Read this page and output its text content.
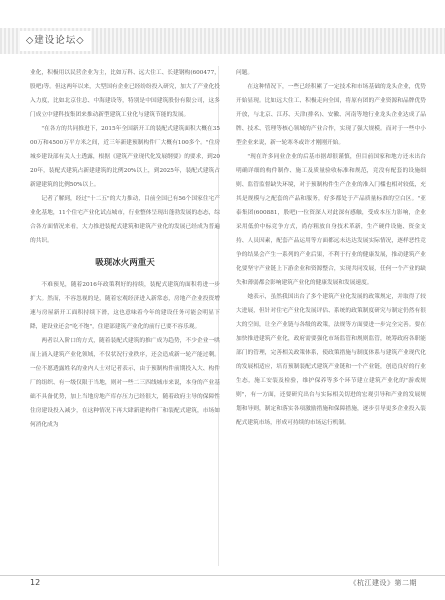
◇建设论坛◇

业化，积极用以民营企业为主，比如万科、远大住工、长建钢构(600477，股吧)等。但这两年以来，大型国有企业已经纷纷投入研究，加大了产业化投入力度，比如北京住总、中海建设等，特别是中国建筑股份有限公司，这多门成立中建科技集团来推动新型建筑工业化与建筑节能的发展。

"在各方的共同推进下，2015年全国新开工的装配式建筑面积大概在3500万和4500万平方米之间，近三年新建预制构件厂大概有100多个。"住房城乡建设部有关人士透露，根据《建筑产业现代化发展纲要》的要求，到2020年，装配式建筑占新建建筑的比例20%以上，到2025年，装配式建筑占新建建筑的比例50%以上。

记者了解到，经过"十二五"的大力推动，目前全国已有56个国家住宅产业化基地，11个住宅产业化试点城市，行业整体呈现出蓬勃发展的态态，综合各方面情况来看，大力推进装配式建筑和建筑产业化的发展已经成为普遍的共识。

吸现冰火两重天

不难预见，随着2016年政策利好的持续，装配式建筑的面积将进一步扩大。然而，不容忽视的是，随着宏观经济进入新常态，房地产企业投资增速与房屋新开工面积持续下滑，这也意味着今年的建设任务可能会明显下降，建设业还会"吃不饱"，住建部建筑产业化的前行已要不容乐观。

两者以入阶口的方式，随着装配式建筑的推广成为趋势，不少企业一哄而上涌入建筑产业化领域，不仅状况行业秩序，还会造成新一轮产能过剩。一位不愿透露姓名的业内人士对记者表示，由于预制构件前期投入大、构件厂的组织、有一级仅限于当地，则对一些二三四线城市来说，本身的产业基础不具备优势，加上当地房地产库存压力已经很大，随着政府主导的保障性住房建设投入减少，在这种情况下再大肆新建构件厂和装配式建筑，市场如何消化成为

问题。

在这种情况下，一些已经积累了一定技术和市场基础的龙头企业，优势开始显现。比如远大住工、积极走向全国，将原有团的产业资源和品牌优势开放，与北京、江苏、天津(排名)、安徽、河南等地行业龙头企业达成了品牌、技术、管理等核心领域的产业合作，实现了强大规模。而对于一些中小型企业来说，新一轮寒冬或许才刚刚开始。

"现在许多同业企业的后基市据却很谨慎，但目前国家和地方还未出台明确详细的构件制作、施工及质量验收标准和规范，竞没有配套的设施细则、监管监督缺失环境，对于预制构件生产企业的准入门槛也相对较低，充其是规模与之配套的产品和服务，好多都处于产品质量标准的空白区。"亚泰集团(600881，股吧)一位资深人对此深有感触，受成本压力影响，企业采用低价中标竞争方式，尚存粗放自身技术革新，生产硬件设施、资金支持、人员因素，配套产品运用等方面都远未达达发展实际情况，逐样恶性竞争的结果会产生一系列的产业后果，不利于行业的健康发展，推动建筑产业化要坚守产业链上下游企业和资源整合，实现共同发展，任何一个产业的缺失和薄弱都会影响建筑产业化的健康发展和发展速度。

她表示，虽然我国出台了多个建筑产业化发展的政策规定，并取得了较大进展，但针对住宅产业化发展评估、系统的政策制度研究与制定仍然有很大的空间，让全产业链与各级的政策，法规等方面要进一步完全完善。要在加快推进建筑产业化，政府需要强化市场监管和规则监管，统筹政府各职能部门的管理，完善相关政策体系，使政策措施与制度体系与建筑产业现代化的发展相适应，培育预制装配式建筑产业链和一个产业链，创造良好的行业生态，施工安装及检验，维护保养等多个环节建立建筑产业化的"游戏规则"，有一方面，还要研究出台与实际相关切进的宏观引导和产业的发展规划和导则，制定和落实各项激励措施和保障措施，逐步引导更多企业投入装配式建筑市场，形成可持续的市场运行机制。

12	《杭江建设》第二期
